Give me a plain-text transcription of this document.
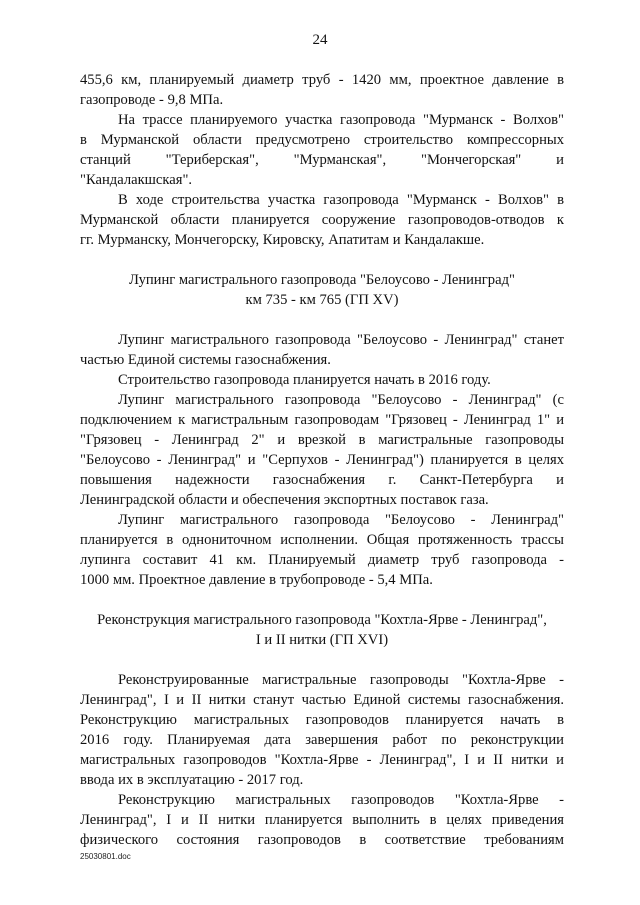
24
455,6 км, планируемый диаметр труб - 1420 мм, проектное давление в
газопроводе - 9,8 МПа.
На трассе планируемого участка газопровода "Мурманск - Волхов"
в Мурманской области предусмотрено строительство компрессорных
станций "Териберская", "Мурманская", "Мончегорская" и
"Кандалакшская".
В ходе строительства участка газопровода "Мурманск - Волхов" в
Мурманской области планируется сооружение газопроводов-отводов к
гг. Мурманску, Мончегорску, Кировску, Апатитам и Кандалакше.
Лупинг магистрального газопровода "Белоусово - Ленинград"
км 735 - км 765 (ГП XV)
Лупинг магистрального газопровода "Белоусово - Ленинград" станет
частью Единой системы газоснабжения.
Строительство газопровода планируется начать в 2016 году.
Лупинг магистрального газопровода "Белоусово - Ленинград" (с
подключением к магистральным газопроводам "Грязовец - Ленинград 1" и
"Грязовец - Ленинград 2" и врезкой в магистральные газопроводы
"Белоусово - Ленинград" и "Серпухов - Ленинград") планируется в целях
повышения надежности газоснабжения г. Санкт-Петербурга и
Ленинградской области и обеспечения экспортных поставок газа.
Лупинг магистрального газопровода "Белоусово - Ленинград"
планируется в однониточном исполнении. Общая протяженность трассы
лупинга составит 41 км. Планируемый диаметр труб газопровода -
1000 мм. Проектное давление в трубопроводе - 5,4 МПа.
Реконструкция магистрального газопровода "Кохтла-Ярве - Ленинград",
I и II нитки (ГП XVI)
Реконструированные магистральные газопроводы "Кохтла-Ярве -
Ленинград", I и II нитки станут частью Единой системы газоснабжения.
Реконструкцию магистральных газопроводов планируется начать в
2016 году. Планируемая дата завершения работ по реконструкции
магистральных газопроводов "Кохтла-Ярве - Ленинград", I и II нитки и
ввода их в эксплуатацию - 2017 год.
Реконструкцию магистральных газопроводов "Кохтла-Ярве -
Ленинград", I и II нитки планируется выполнить в целях приведения
физического состояния газопроводов в соответствие требованиям
25030801.doc
